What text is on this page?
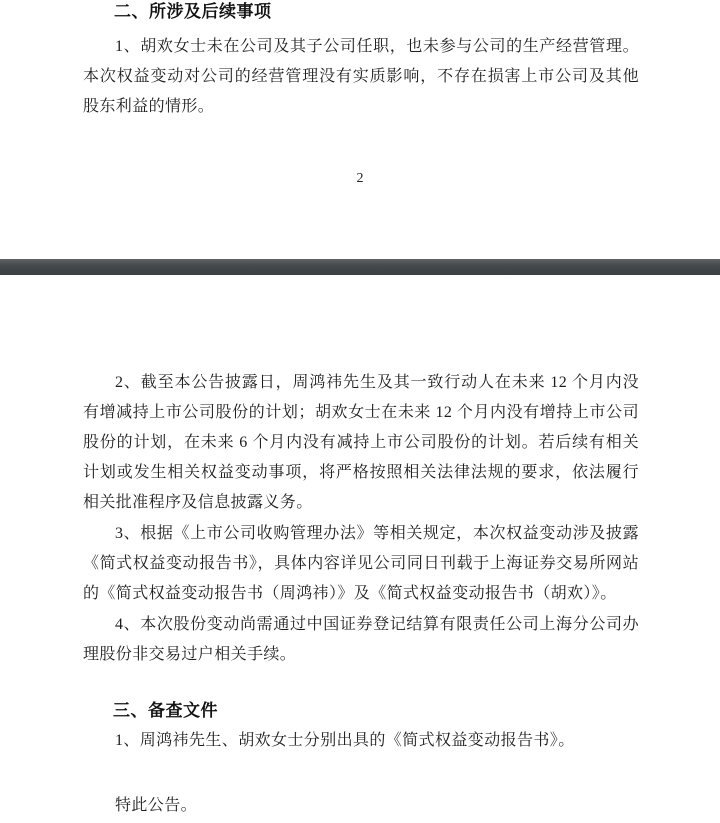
二、所涉及后续事项

1、胡欢女士未在公司及其子公司任职，也未参与公司的生产经营管理。本次权益变动对公司的经营管理没有实质影响，不存在损害上市公司及其他股东利益的情形。

2

2、截至本公告披露日，周鸿祎先生及其一致行动人在未来 12 个月内没有增减持上市公司股份的计划；胡欢女士在未来 12 个月内没有增持上市公司股份的计划，在未来 6 个月内没有减持上市公司股份的计划。若后续有相关计划或发生相关权益变动事项，将严格按照相关法律法规的要求，依法履行相关批准程序及信息披露义务。

3、根据《上市公司收购管理办法》等相关规定，本次权益变动涉及披露《简式权益变动报告书》，具体内容详见公司同日刊载于上海证券交易所网站的《简式权益变动报告书（周鸿祎）》及《简式权益变动报告书（胡欢）》。

4、本次股份变动尚需通过中国证券登记结算有限责任公司上海分公司办理股份非交易过户相关手续。

三、备查文件

1、周鸿祎先生、胡欢女士分别出具的《简式权益变动报告书》。

特此公告。
